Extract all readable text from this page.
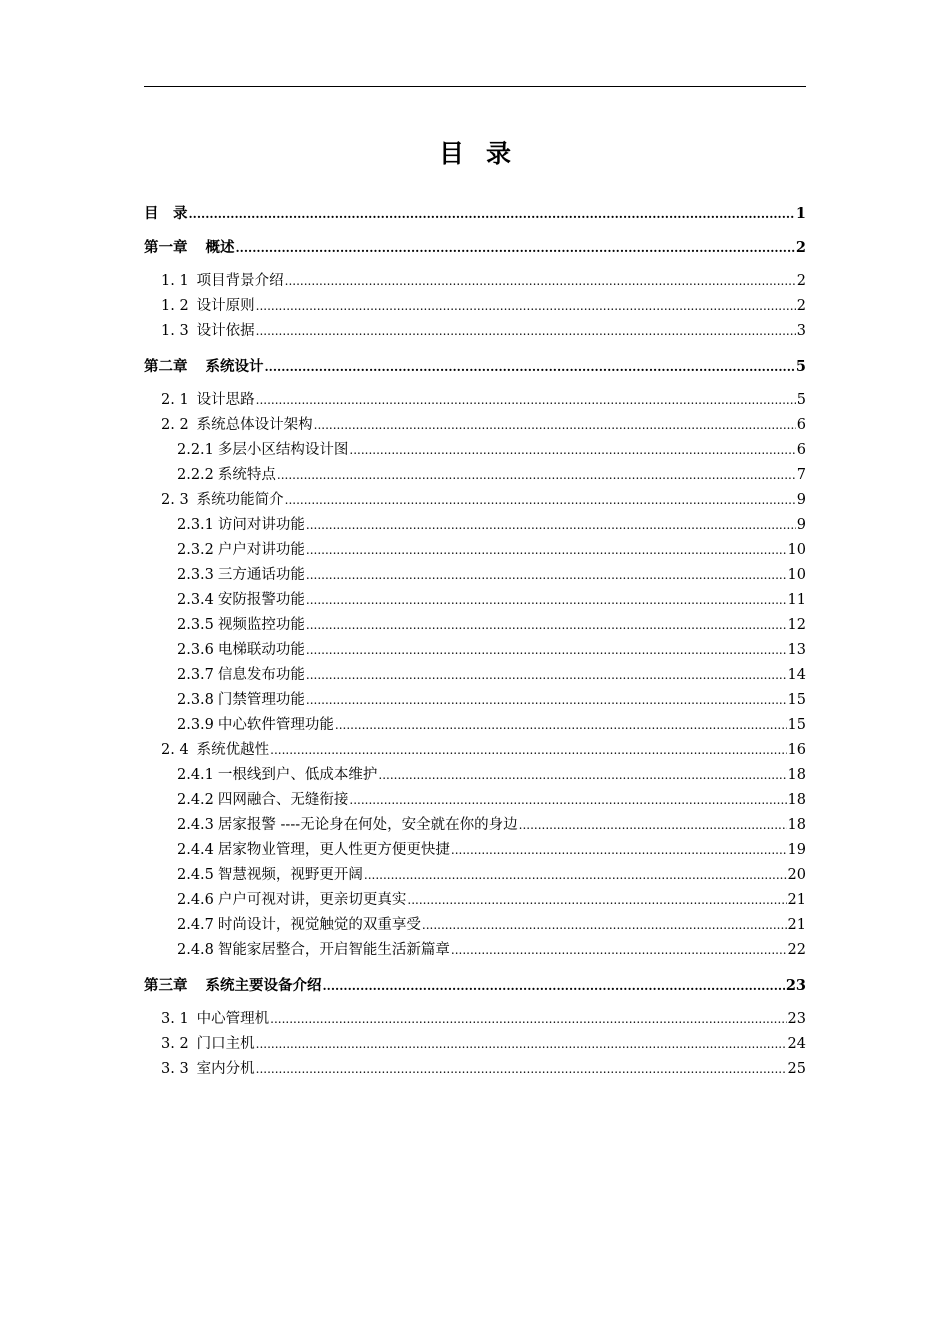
目 录
目　录 .....	1
第一章 概述 .....	2
1. 1 项目背景介绍 .....	2
1. 2 设计原则 .....	2
1. 3 设计依据 .....	3
第二章 系统设计 .....	5
2. 1 设计思路 .....	5
2. 2 系统总体设计架构 .....	6
2.2.1 多层小区结构设计图 .....	6
2.2.2 系统特点 .....	7
2. 3 系统功能简介 .....	9
2.3.1 访问对讲功能 .....	9
2.3.2 户户对讲功能 .....	10
2.3.3 三方通话功能 .....	10
2.3.4 安防报警功能 .....	11
2.3.5 视频监控功能 .....	12
2.3.6 电梯联动功能 .....	13
2.3.7 信息发布功能 .....	14
2.3.8 门禁管理功能 .....	15
2.3.9 中心软件管理功能 .....	15
2. 4 系统优越性 .....	16
2.4.1 一根线到户、低成本维护 .....	18
2.4.2 四网融合、无缝衔接 .....	18
2.4.3 居家报警 ----无论身在何处，安全就在你的身边 .....	18
2.4.4 居家物业管理，更人性更方便更快捷 .....	19
2.4.5 智慧视频，视野更开阔 .....	20
2.4.6 户户可视对讲，更亲切更真实 .....	21
2.4.7 时尚设计，视觉触觉的双重享受 .....	21
2.4.8 智能家居整合，开启智能生活新篇章 .....	22
第三章 系统主要设备介绍 .....	23
3. 1 中心管理机 .....	23
3. 2 门口主机 .....	24
3. 3 室内分机 .....	25
